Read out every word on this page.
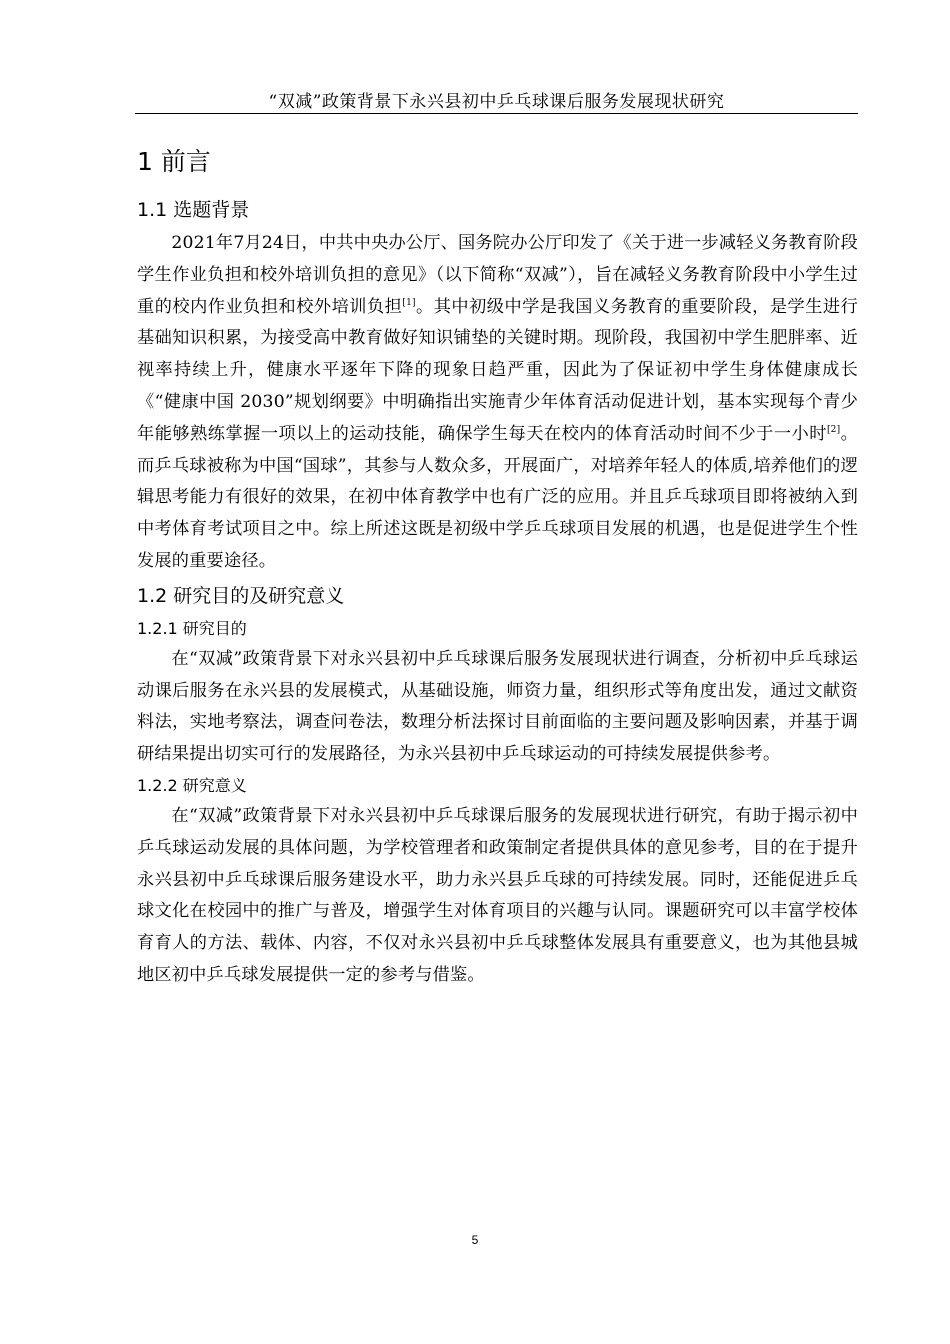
“双减”政策背景下永兴县初中乒乓球课后服务发展现状研究
1 前言
1.1 选题背景

2021年7月24日，中共中央办公厅、国务院办公厅印发了《关于进一步减轻义务教育阶段学生作业负担和校外培训负担的意见》（以下简称“双减”），旨在减轻义务教育阶段中小学生过重的校内作业负担和校外培训负担[1]。其中初级中学是我国义务教育的重要阶段，是学生进行基础知识积累，为接受高中教育做好知识铺垫的关键时期。现阶段，我国初中学生肥胖率、近视率持续上升，健康水平逐年下降的现象日趋严重，因此为了保证初中学生身体健康成长《“健康中国 2030”规划纲要》中明确指出实施青少年体育活动促进计划，基本实现每个青少年能够熟练掌握一项以上的运动技能，确保学生每天在校内的体育活动时间不少于一小时[2]。而乒乓球被称为中国“国球”，其参与人数众多，开展面广，对培养年轻人的体质,培养他们的逻辑思考能力有很好的效果，在初中体育教学中也有广泛的应用。并且乒乓球项目即将被纳入到中考体育考试项目之中。综上所述这既是初级中学乒乓球项目发展的机遇，也是促进学生个性发展的重要途径。

1.2 研究目的及研究意义
1.2.1 研究目的

在“双减”政策背景下对永兴县初中乒乓球课后服务发展现状进行调查，分析初中乒乓球运动课后服务在永兴县的发展模式，从基础设施，师资力量，组织形式等角度出发，通过文献资料法，实地考察法，调查问卷法，数理分析法探讨目前面临的主要问题及影响因素，并基于调研结果提出切实可行的发展路径，为永兴县初中乒乓球运动的可持续发展提供参考。

1.2.2 研究意义

在“双减”政策背景下对永兴县初中乒乓球课后服务的发展现状进行研究，有助于揭示初中乒乓球运动发展的具体问题，为学校管理者和政策制定者提供具体的意见参考，目的在于提升永兴县初中乒乓球课后服务建设水平，助力永兴县乒乓球的可持续发展。同时，还能促进乒乓球文化在校园中的推广与普及，增强学生对体育项目的兴趣与认同。课题研究可以丰富学校体育育人的方法、载体、内容，不仅对永兴县初中乒乓球整体发展具有重要意义，也为其他县城地区初中乒乓球发展提供一定的参考与借鉴。

5
